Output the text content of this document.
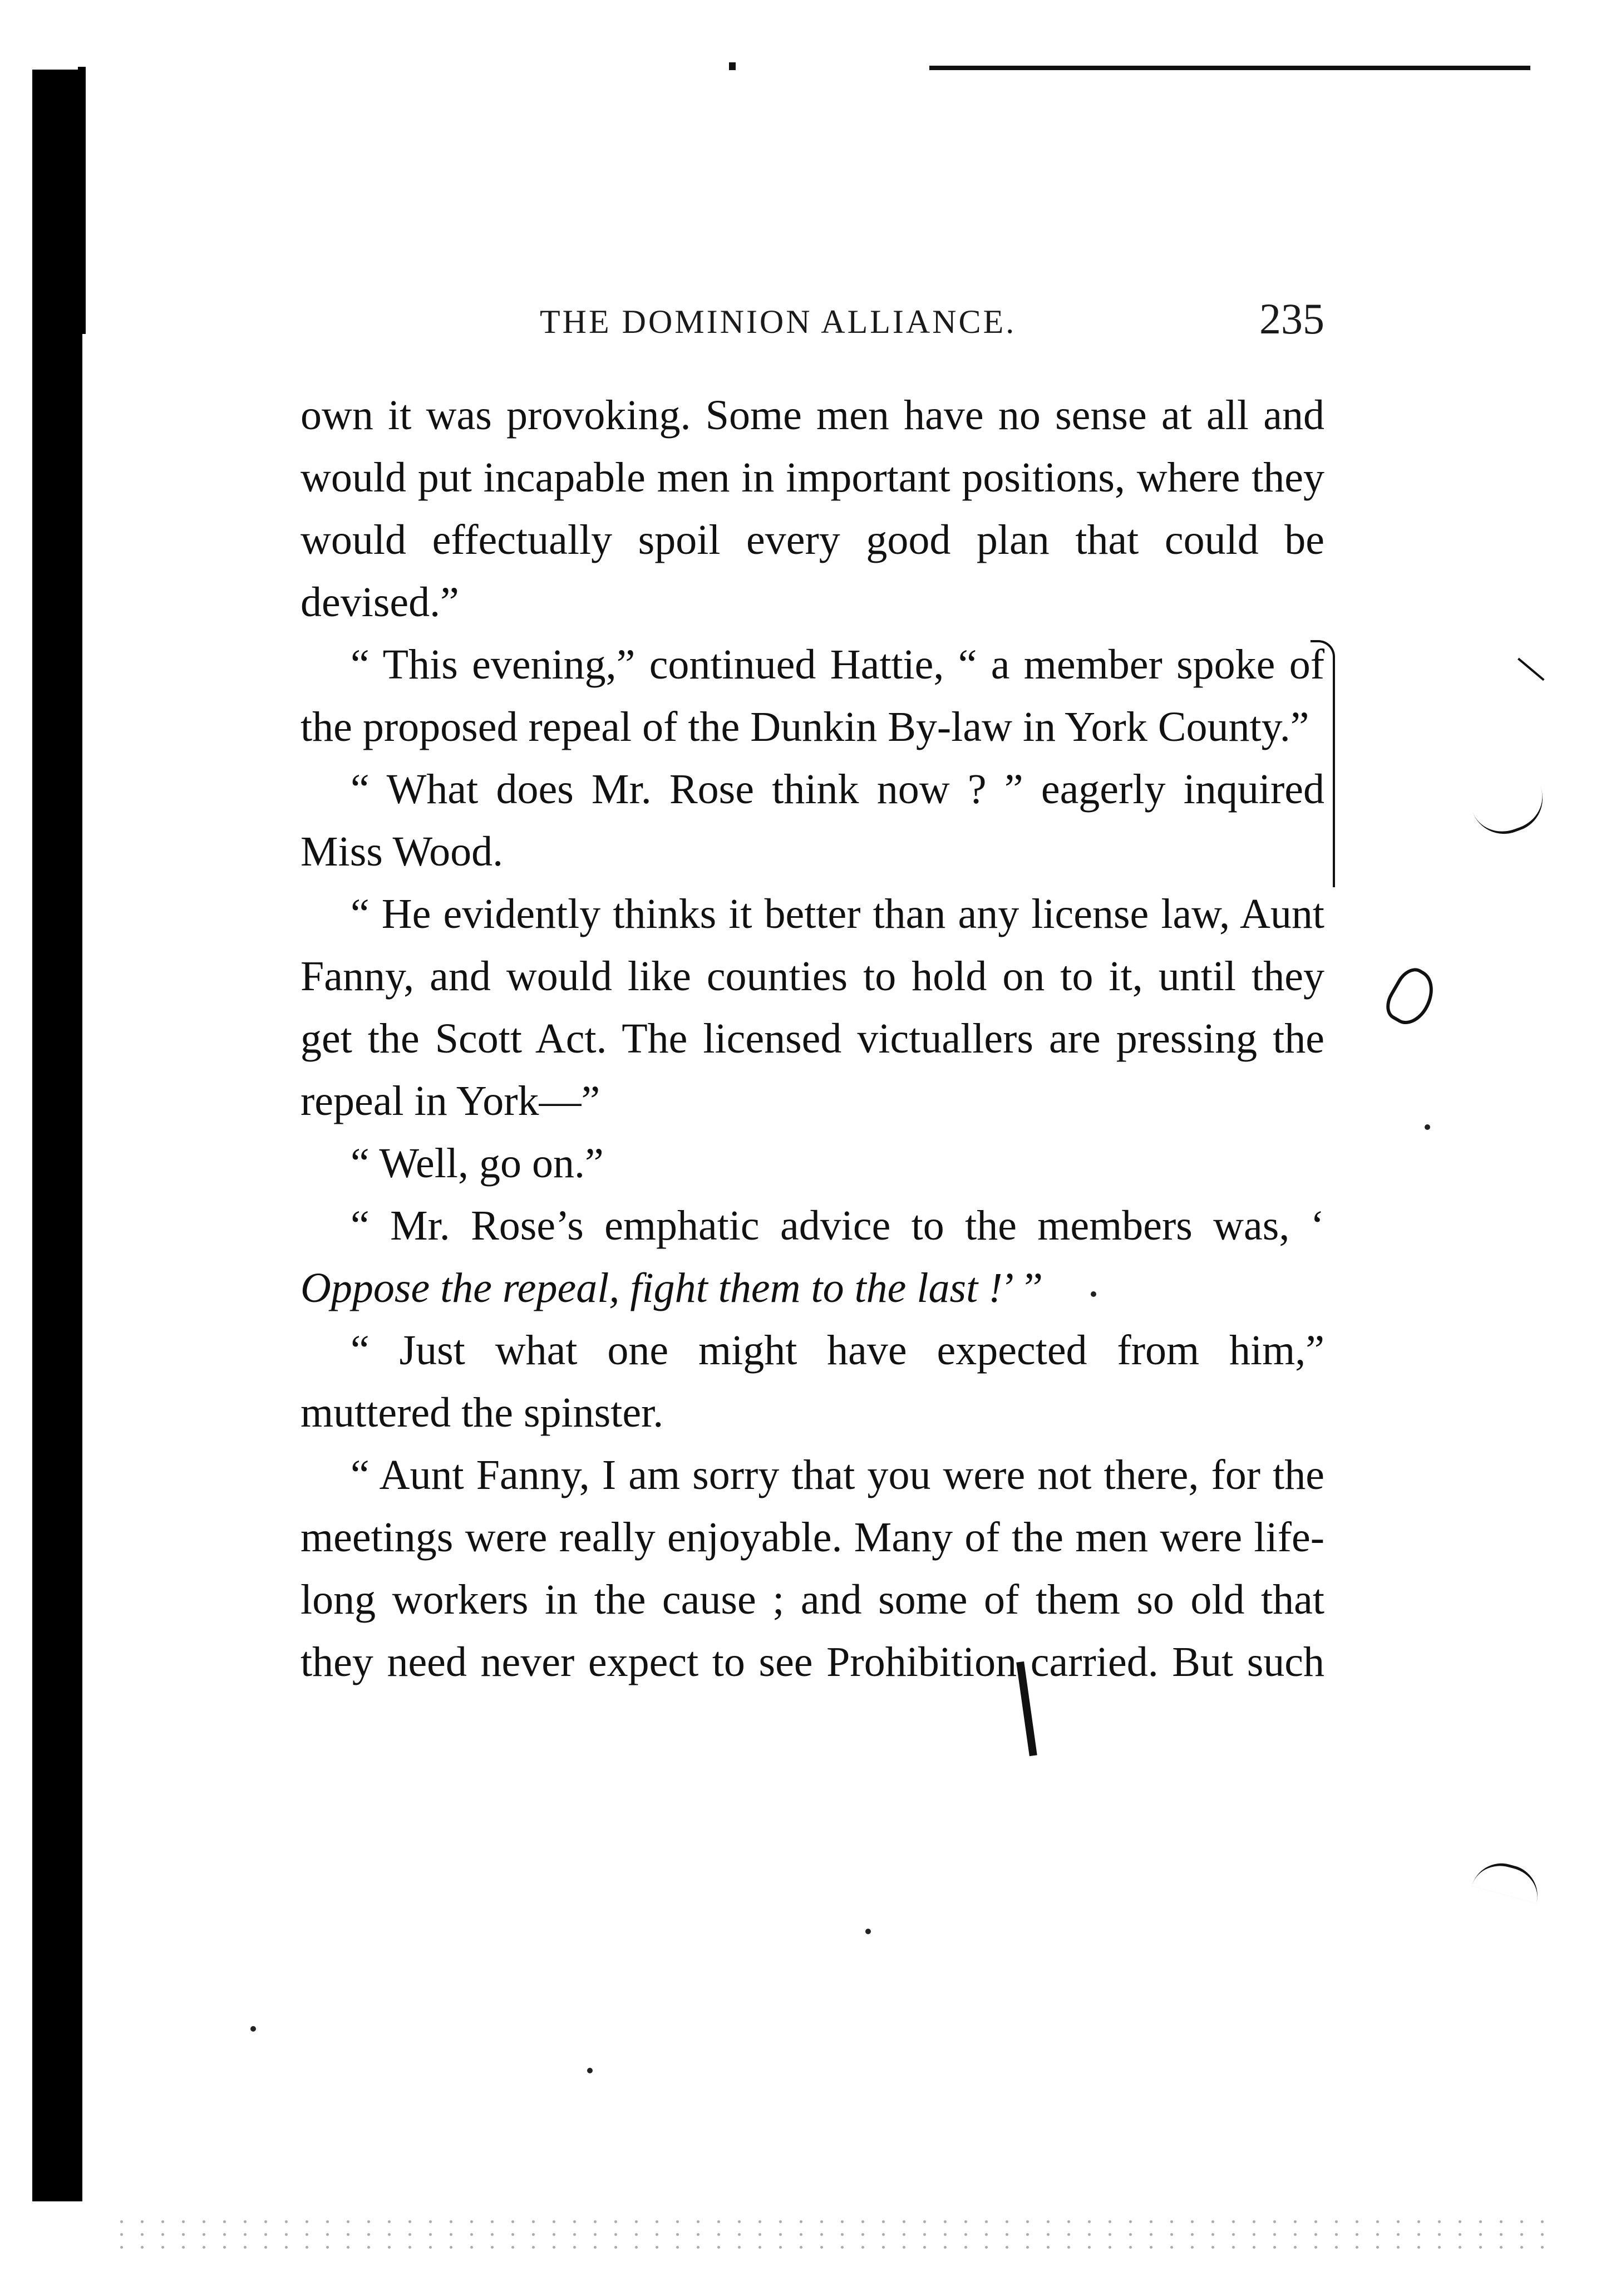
THE DOMINION ALLIANCE.	235

own it was provoking. Some men have no sense at all and would put incapable men in important positions, where they would effectually spoil every good plan that could be devised.”

“ This evening,” continued Hattie, “ a member spoke of the proposed repeal of the Dunkin By-law in York County.”

“ What does Mr. Rose think now ? ” eagerly inquired Miss Wood.

“ He evidently thinks it better than any license law, Aunt Fanny, and would like counties to hold on to it, until they get the Scott Act. The licensed victuallers are pressing the repeal in York—”

“ Well, go on.”

“ Mr. Rose’s emphatic advice to the members was, ‘ Oppose the repeal, fight them to the last !’ ”

“ Just what one might have expected from him,” muttered the spinster.

“ Aunt Fanny, I am sorry that you were not there, for the meetings were really enjoyable. Many of the men were life-long workers in the cause ; and some of them so old that they need never expect to see Prohibition carried. But such
